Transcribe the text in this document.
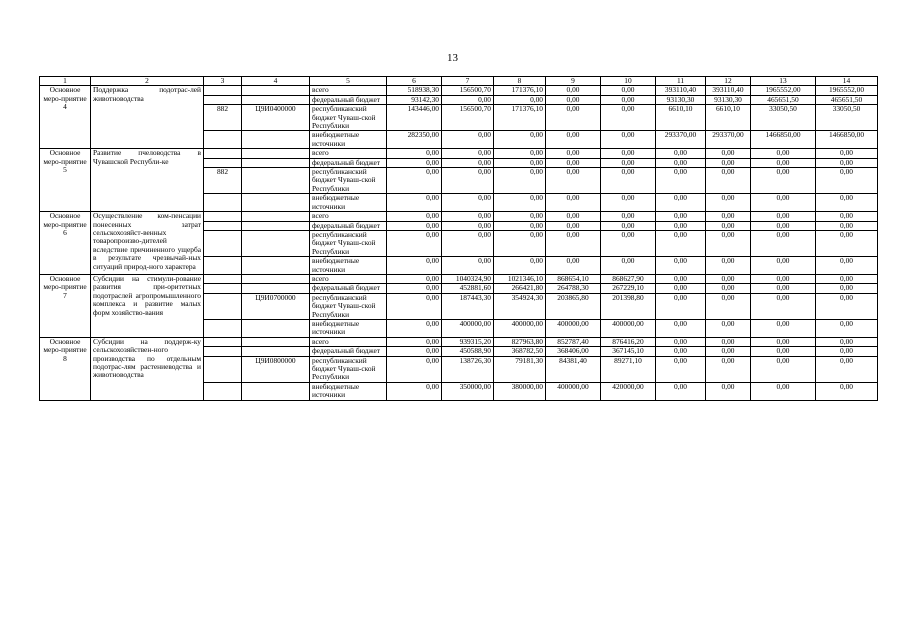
13
1	2	3	4	5	6	7	8	9	10	11	12	13	14
Основное меро-приятие 4	Поддержка подотрас-лей животноводства			всего	518938,30	156500,70	171376,10	0,00	0,00	393110,40	393110,40	1965552,00	1965552,00
				федеральный бюджет	93142,30	0,00	0,00	0,00	0,00	93130,30	93130,30	465651,50	465651,50
		882	Ц9И0400000	республиканский бюджет Чуваш-ской Республики	143446,00	156500,70	171376,10	0,00	0,00	6610,10	6610,10	33050,50	33050,50
				внебюджетные источники	282350,00	0,00	0,00	0,00	0,00	293370,00	293370,00	1466850,00	1466850,00
Основное меро-приятие 5	Развитие пчеловодства в Чувашской Республи-ке			всего	0,00	0,00	0,00	0,00	0,00	0,00	0,00	0,00	0,00
				федеральный бюджет	0,00	0,00	0,00	0,00	0,00	0,00	0,00	0,00	0,00
		882		республиканский бюджет Чуваш-ской Республики	0,00	0,00	0,00	0,00	0,00	0,00	0,00	0,00	0,00
				внебюджетные источники	0,00	0,00	0,00	0,00	0,00	0,00	0,00	0,00	0,00
Основное меро-приятие 6	Осуществление ком-пенсации понесенных затрат сельскохозяйст-венных товаропроизво-дителей вследствие причиненного ущерба в результате чрезвычай-ных ситуаций природ-ного характера			всего	0,00	0,00	0,00	0,00	0,00	0,00	0,00	0,00	0,00
				федеральный бюджет	0,00	0,00	0,00	0,00	0,00	0,00	0,00	0,00	0,00
				республиканский бюджет Чуваш-ской Республики	0,00	0,00	0,00	0,00	0,00	0,00	0,00	0,00	0,00
				внебюджетные источники	0,00	0,00	0,00	0,00	0,00	0,00	0,00	0,00	0,00
Основное меро-приятие 7	Субсидии на стимули-рование развития при-оритетных подотраслей агропромышленного комплекса и развитие малых форм хозяйство-вания			всего	0,00	1040324,90	1021346,10	868654,10	868627,90	0,00	0,00	0,00	0,00
				федеральный бюджет	0,00	452881,60	266421,80	264788,30	267229,10	0,00	0,00	0,00	0,00
			Ц9И0700000	республиканский бюджет Чуваш-ской Республики	0,00	187443,30	354924,30	203865,80	201398,80	0,00	0,00	0,00	0,00
				внебюджетные источники	0,00	400000,00	400000,00	400000,00	400000,00	0,00	0,00	0,00	0,00
Основное меро-приятие 8	Субсидии на поддерж-ку сельскохозяйствен-ного производства по отдельным подотрас-лям растениеводства и животноводства			всего	0,00	939315,20	827963,80	852787,40	876416,20	0,00	0,00	0,00	0,00
				федеральный бюджет	0,00	450588,90	368782,50	368406,00	367145,10	0,00	0,00	0,00	0,00
			Ц9И0800000	республиканский бюджет Чуваш-ской Республики	0,00	138726,30	79181,30	84381,40	89271,10	0,00	0,00	0,00	0,00
				внебюджетные источники	0,00	350000,00	380000,00	400000,00	420000,00	0,00	0,00	0,00	0,00
